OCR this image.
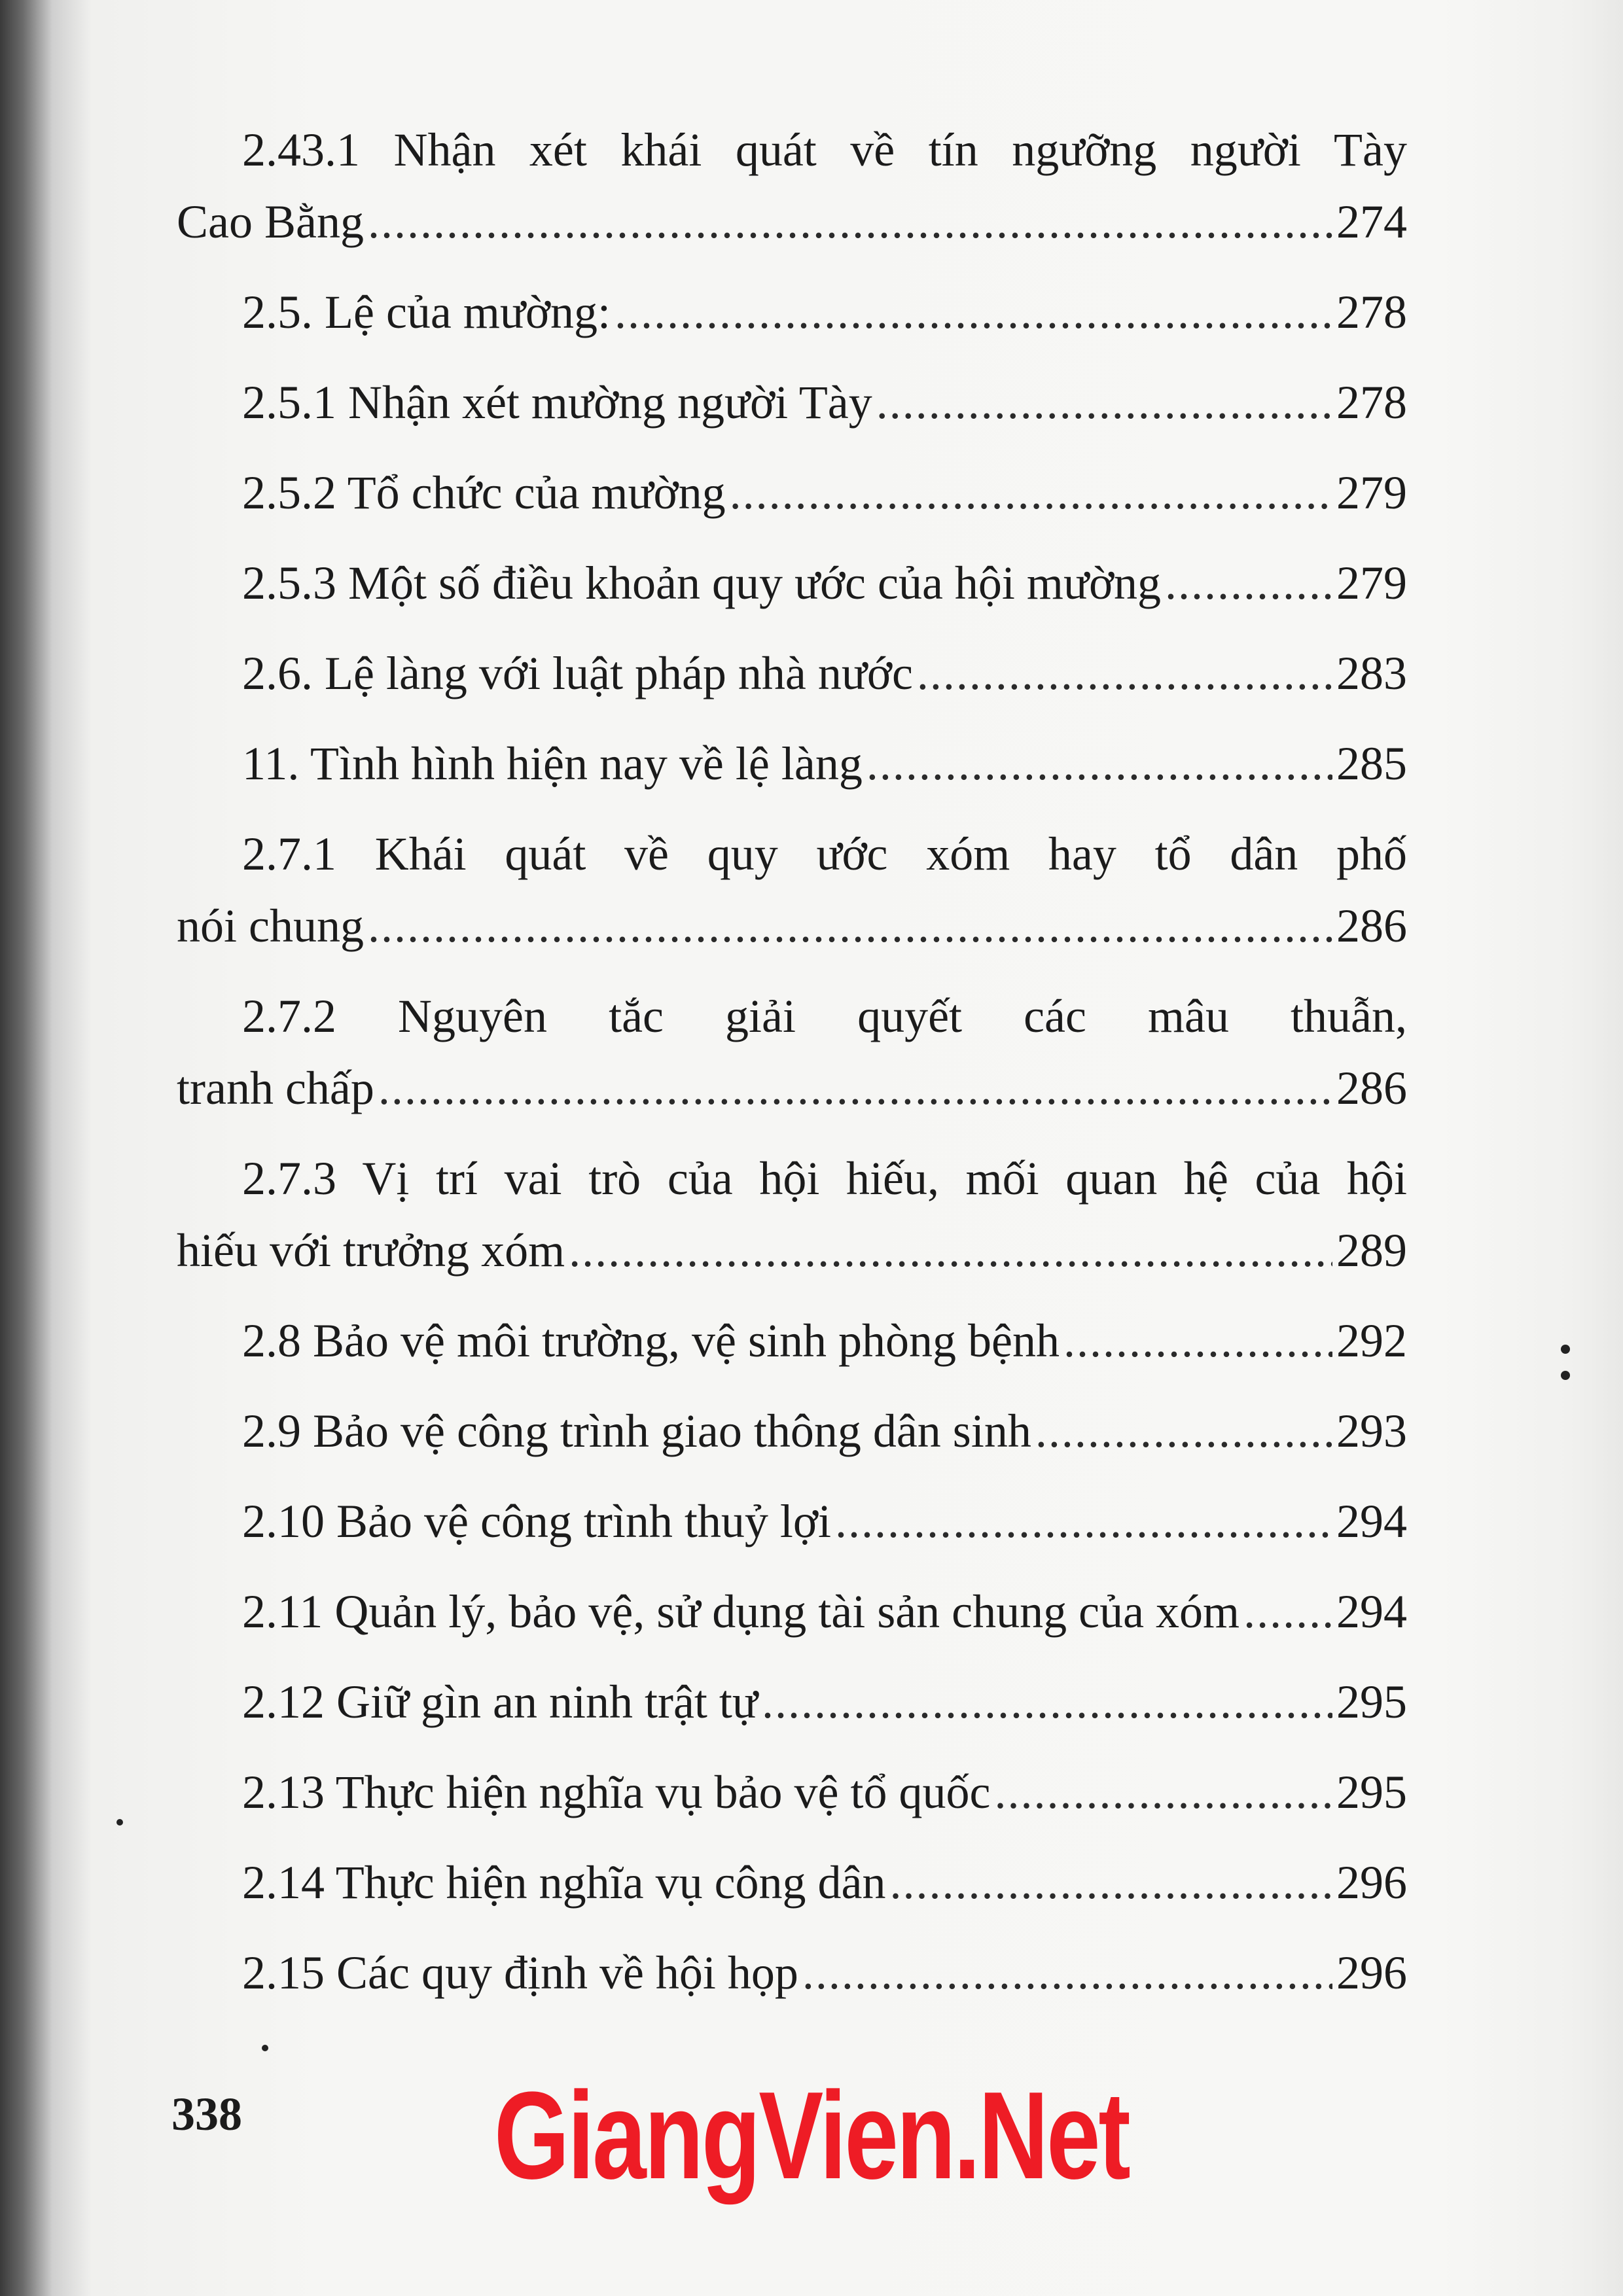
2.43.1 Nhận xét khái quát về tín ngưỡng người Tày
Cao Bằng .....	274
2.5. Lệ của mường: .....	278
2.5.1 Nhận xét mường người Tày .....	278
2.5.2 Tổ chức của mường .....	279
2.5.3 Một số điều khoản quy ước của hội mường .....	279
2.6. Lệ làng với luật pháp nhà nước .....	283
11. Tình hình hiện nay về lệ làng .....	285
2.7.1 Khái quát về quy ước xóm hay tổ dân phố
nói chung .....	286
2.7.2 Nguyên tắc giải quyết các mâu thuẫn,
tranh chấp .....	286
2.7.3 Vị trí vai trò của hội hiếu, mối quan hệ của hội
hiếu với trưởng xóm .....	289
2.8 Bảo vệ môi trường, vệ sinh phòng bệnh .....	292
2.9 Bảo vệ công trình giao thông dân sinh .....	293
2.10 Bảo vệ công trình thuỷ lợi .....	294
2.11 Quản lý, bảo vệ, sử dụng tài sản chung của xóm ..... 294
2.12 Giữ gìn an ninh trật tự .....	295
2.13 Thực hiện nghĩa vụ bảo vệ tổ quốc .....	295
2.14 Thực hiện nghĩa vụ công dân .....	296
2.15 Các quy định về hội họp .....	296
338 GiangVien.Net
